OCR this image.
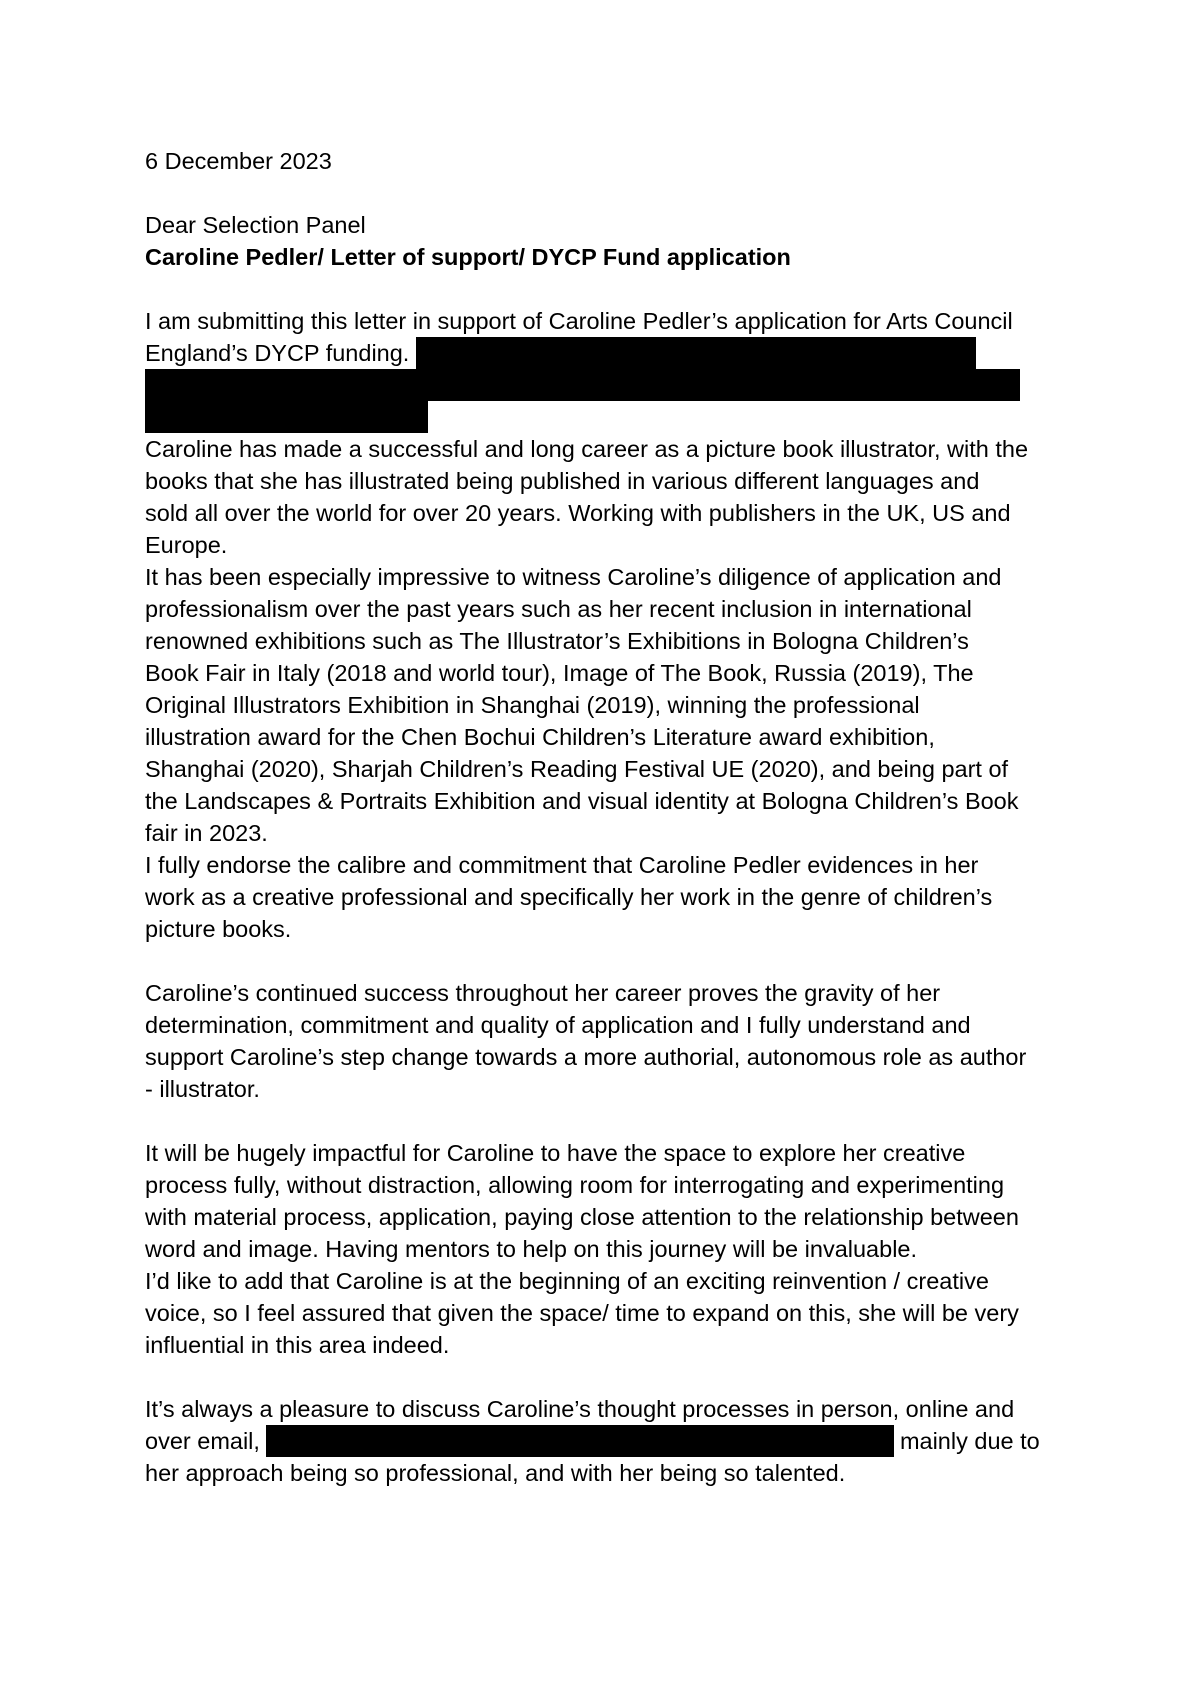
6 December 2023
Dear Selection Panel
Caroline Pedler/ Letter of support/ DYCP Fund application
I am submitting this letter in support of Caroline Pedler’s application for Arts Council
England’s DYCP funding.
Caroline has made a successful and long career as a picture book illustrator, with the
books that she has illustrated being published in various different languages and
sold all over the world for over 20 years. Working with publishers in the UK, US and
Europe.
It has been especially impressive to witness Caroline’s diligence of application and
professionalism over the past years such as her recent inclusion in international
renowned exhibitions such as The Illustrator’s Exhibitions in Bologna Children’s
Book Fair in Italy (2018 and world tour), Image of The Book, Russia (2019), The
Original Illustrators Exhibition in Shanghai (2019), winning the professional
illustration award for the Chen Bochui Children’s Literature award exhibition,
Shanghai (2020), Sharjah Children’s Reading Festival UE (2020), and being part of
the Landscapes & Portraits Exhibition and visual identity at Bologna Children’s Book
fair in 2023.
I fully endorse the calibre and commitment that Caroline Pedler evidences in her
work as a creative professional and specifically her work in the genre of children’s
picture books.
Caroline’s continued success throughout her career proves the gravity of her
determination, commitment and quality of application and I fully understand and
support Caroline’s step change towards a more authorial, autonomous role as author
- illustrator.
It will be hugely impactful for Caroline to have the space to explore her creative
process fully, without distraction, allowing room for interrogating and experimenting
with material process, application, paying close attention to the relationship between
word and image. Having mentors to help on this journey will be invaluable.
I’d like to add that Caroline is at the beginning of an exciting reinvention / creative
voice, so I feel assured that given the space/ time to expand on this, she will be very
influential in this area indeed.
It’s always a pleasure to discuss Caroline’s thought processes in person, online and
over email,	mainly due to
her approach being so professional, and with her being so talented.
